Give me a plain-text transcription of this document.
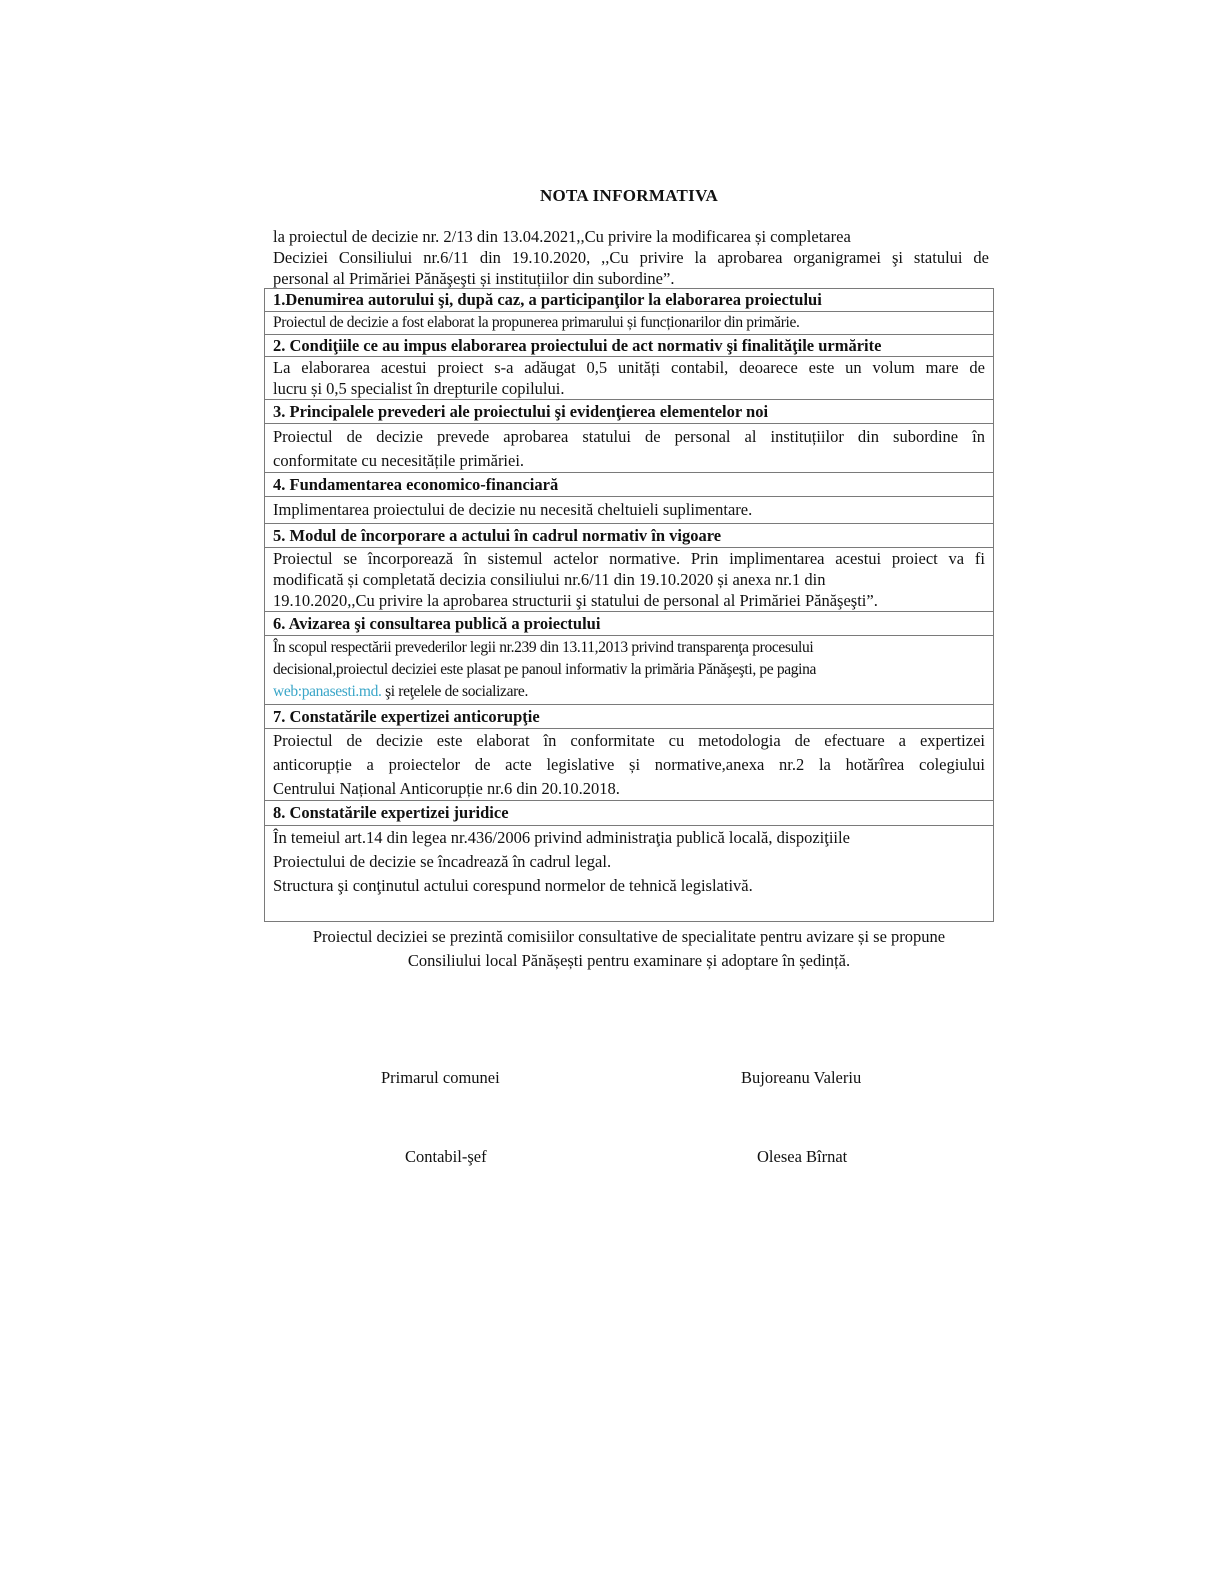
NOTA INFORMATIVA
la proiectul de decizie nr. 2/13 din 13.04.2021,,Cu privire la modificarea și completarea
Deciziei Consiliului nr.6/11 din 19.10.2020, ,,Cu privire la aprobarea organigramei şi statului de
personal al Primăriei Pănăşeşti și instituțiilor din subordine”.
1.Denumirea autorului şi, după caz, a participanţilor la elaborarea proiectului
Proiectul de decizie a fost elaborat la propunerea primarului și funcționarilor din primărie.
2. Condiţiile ce au impus elaborarea proiectului de act normativ şi finalităţile urmărite
La elaborarea acestui proiect s-a adăugat 0,5 unități contabil, deoarece este un volum mare de
lucru și 0,5 specialist în drepturile copilului.
3. Principalele prevederi ale proiectului şi evidenţierea elementelor noi
Proiectul de decizie prevede aprobarea statului de personal al instituțiilor din subordine în
conformitate cu necesitățile primăriei.
4. Fundamentarea economico-financiară
Implimentarea proiectului de decizie nu necesită cheltuieli suplimentare.
5. Modul de încorporare a actului în cadrul normativ în vigoare
Proiectul se încorporează în sistemul actelor normative. Prin implimentarea acestui proiect va fi
modificată și completată decizia consiliului nr.6/11 din 19.10.2020 și anexa nr.1 din
19.10.2020,,Cu privire la aprobarea structurii şi statului de personal al Primăriei Pănăşeşti”.
6. Avizarea şi consultarea publică a proiectului
În scopul respectării prevederilor legii nr.239 din 13.11,2013 privind transparenţa procesului
decisional,proiectul deciziei este plasat pe panoul informativ la primăria Pănăşeşti, pe pagina
web:panasesti.md. şi reţelele de socializare.
7. Constatările expertizei anticorupţie
Proiectul de decizie este elaborat în conformitate cu metodologia de efectuare a expertizei
anticorupție a proiectelor de acte legislative și normative,anexa nr.2 la hotărîrea colegiului
Centrului Național Anticorupție nr.6 din 20.10.2018.
8. Constatările expertizei juridice
În temeiul art.14 din legea nr.436/2006 privind administraţia publică locală, dispoziţiile
Proiectului de decizie se încadrează în cadrul legal.
Structura şi conţinutul actului corespund normelor de tehnică legislativă.
Proiectul deciziei se prezintă comisiilor consultative de specialitate pentru avizare și se propune
Consiliului local Pănășești pentru examinare și adoptare în ședință.
Primarul comunei	Bujoreanu Valeriu
Contabil-şef	Olesea Bîrnat
